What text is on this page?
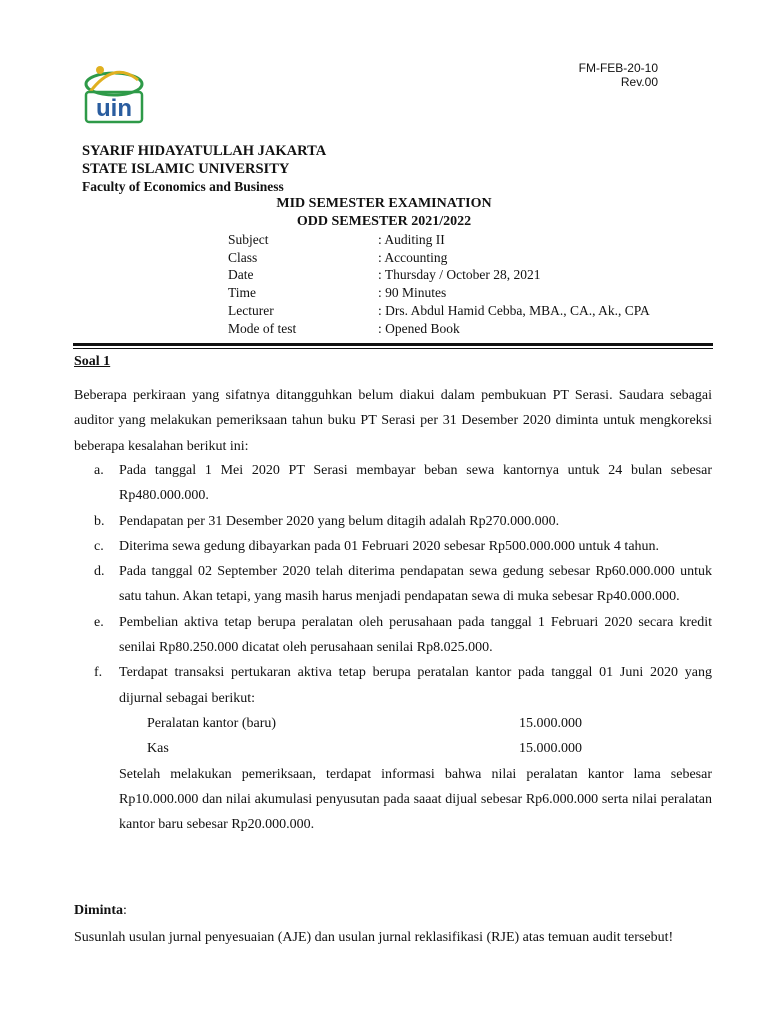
uin
FM-FEB-20-10
Rev.00
SYARIF HIDAYATULLAH JAKARTA
STATE ISLAMIC UNIVERSITY
Faculty of Economics and Business
MID SEMESTER EXAMINATION
ODD SEMESTER 2021/2022
Subject	: Auditing II
Class	: Accounting
Date	: Thursday / October 28, 2021
Time	: 90 Minutes
Lecturer	: Drs. Abdul Hamid Cebba, MBA., CA., Ak., CPA
Mode of test	: Opened Book
Soal 1
Beberapa perkiraan yang sifatnya ditangguhkan belum diakui dalam pembukuan PT Serasi. Saudara sebagai auditor yang melakukan pemeriksaan tahun buku PT Serasi per 31 Desember 2020 diminta untuk mengkoreksi beberapa kesalahan berikut ini:
a.	Pada tanggal 1 Mei 2020 PT Serasi membayar beban sewa kantornya untuk 24 bulan sebesar Rp480.000.000.
b.	Pendapatan per 31 Desember 2020 yang belum ditagih adalah Rp270.000.000.
c.	Diterima sewa gedung dibayarkan pada 01 Februari 2020 sebesar Rp500.000.000 untuk 4 tahun.
d.	Pada tanggal 02 September 2020 telah diterima pendapatan sewa gedung sebesar Rp60.000.000 untuk satu tahun. Akan tetapi, yang masih harus menjadi pendapatan sewa di muka sebesar Rp40.000.000.
e.	Pembelian aktiva tetap berupa peralatan oleh perusahaan pada tanggal 1 Februari 2020 secara kredit senilai Rp80.250.000 dicatat oleh perusahaan senilai Rp8.025.000.
f.	Terdapat transaksi pertukaran aktiva tetap berupa peratalan kantor pada tanggal 01 Juni 2020 yang dijurnal sebagai berikut:
Peralatan kantor (baru)	15.000.000
Kas	15.000.000
Setelah melakukan pemeriksaan, terdapat informasi bahwa nilai peralatan kantor lama sebesar Rp10.000.000 dan nilai akumulasi penyusutan pada saaat dijual sebesar Rp6.000.000 serta nilai peralatan kantor baru sebesar Rp20.000.000.
Diminta:
Susunlah usulan jurnal penyesuaian (AJE) dan usulan jurnal reklasifikasi (RJE) atas temuan audit tersebut!
